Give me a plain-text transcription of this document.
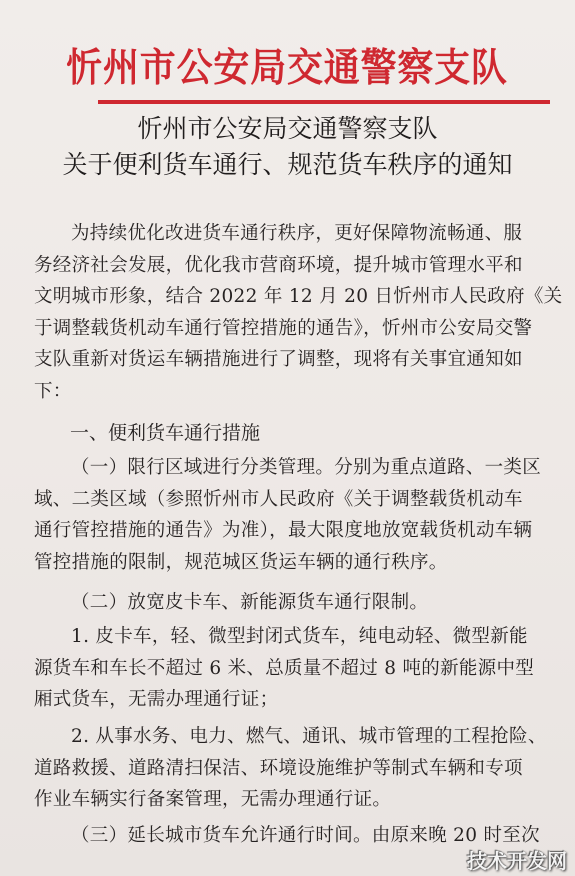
忻州市公安局交通警察支队
忻州市公安局交通警察支队
关于便利货车通行、规范货车秩序的通知

为持续优化改进货车通行秩序，更好保障物流畅通、服

务经济社会发展，优化我市营商环境，提升城市管理水平和

文明城市形象，结合 2022 年 12 月 20 日忻州市人民政府《关

于调整载货机动车通行管控措施的通告》，忻州市公安局交警

支队重新对货运车辆措施进行了调整，现将有关事宜通知如

下：

一、便利货车通行措施

（一）限行区域进行分类管理。分别为重点道路、一类区

域、二类区域（参照忻州市人民政府《关于调整载货机动车

通行管控措施的通告》为准），最大限度地放宽载货机动车辆

管控措施的限制，规范城区货运车辆的通行秩序。

（二）放宽皮卡车、新能源货车通行限制。

1. 皮卡车，轻、微型封闭式货车，纯电动轻、微型新能

源货车和车长不超过 6 米、总质量不超过 8 吨的新能源中型

厢式货车，无需办理通行证；

2. 从事水务、电力、燃气、通讯、城市管理的工程抢险、

道路救援、道路清扫保洁、环境设施维护等制式车辆和专项

作业车辆实行备案管理，无需办理通行证。

（三）延长城市货车允许通行时间。由原来晚 20 时至次

技术开发网
